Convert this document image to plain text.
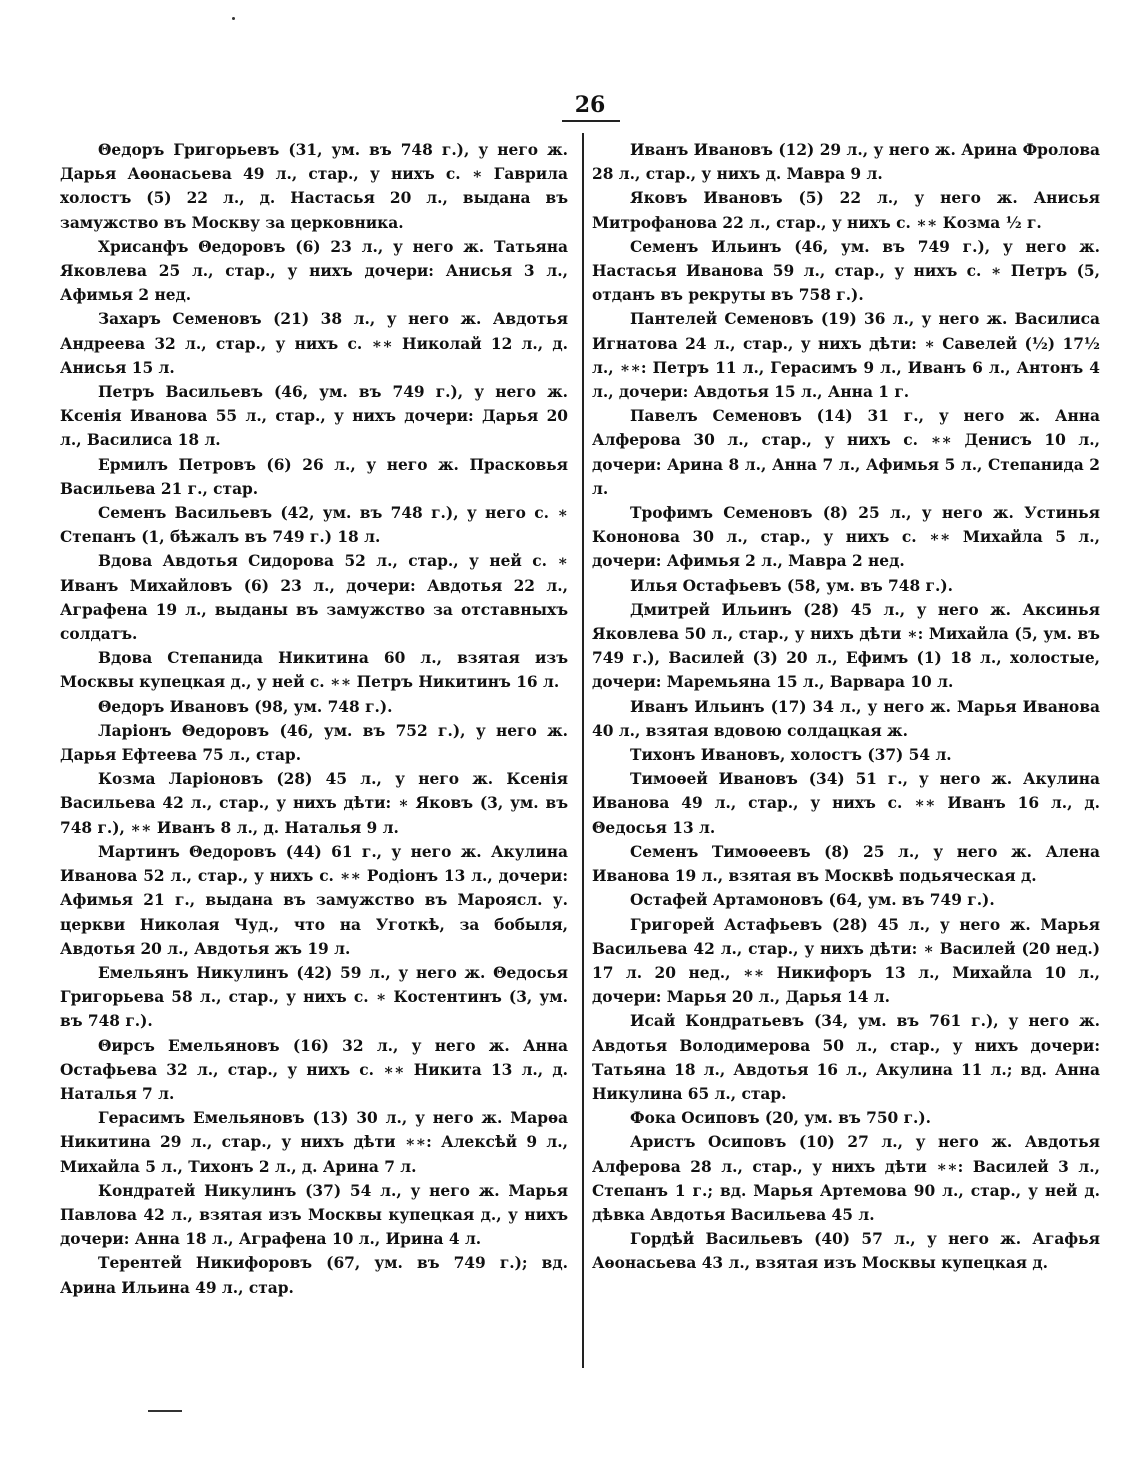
26

Θедоръ Григорьевъ (31, ум. въ 748 г.), у него ж. Дарья Аѳонасьева 49 л., стар., у нихъ с. ∗ Гаврила холостъ (5) 22 л., д. Настасья 20 л., выдана въ замужство въ Москву за церковника.

Хрисанфъ Θедоровъ (6) 23 л., у него ж. Татьяна Яковлева 25 л., стар., у нихъ дочери: Анисья 3 л., Афимья 2 нед.

Захаръ Семеновъ (21) 38 л., у него ж. Авдотья Андреева 32 л., стар., у нихъ с. ∗∗ Николай 12 л., д. Анисья 15 л.

Петръ Васильевъ (46, ум. въ 749 г.), у него ж. Ксенія Иванова 55 л., стар., у нихъ дочери: Дарья 20 л., Василиса 18 л.

Ермилъ Петровъ (6) 26 л., у него ж. Прасковья Васильева 21 г., стар.

Семенъ Васильевъ (42, ум. въ 748 г.), у него с. ∗ Степанъ (1, бѣжалъ въ 749 г.) 18 л.

Вдова Авдотья Сидорова 52 л., стар., у ней с. ∗ Иванъ Михайловъ (6) 23 л., дочери: Авдотья 22 л., Аграфена 19 л., выданы въ замужство за отставныхъ солдатъ.

Вдова Степанида Никитина 60 л., взятая изъ Москвы купецкая д., у ней с. ∗∗ Петръ Никитинъ 16 л.

Θедоръ Ивановъ (98, ум. 748 г.).

Ларіонъ Θедоровъ (46, ум. въ 752 г.), у него ж. Дарья Ефтеева 75 л., стар.

Козма Ларіоновъ (28) 45 л., у него ж. Ксенія Васильева 42 л., стар., у нихъ дѣти: ∗ Яковъ (3, ум. въ 748 г.), ∗∗ Иванъ 8 л., д. Наталья 9 л.

Мартинъ Θедоровъ (44) 61 г., у него ж. Акулина Иванова 52 л., стар., у нихъ с. ∗∗ Родіонъ 13 л., дочери: Афимья 21 г., выдана въ замужство въ Мароясл. у. церкви Николая Чуд., что на Уготкѣ, за бобыля, Авдотья 20 л., Авдотья жъ 19 л.

Емельянъ Никулинъ (42) 59 л., у него ж. Θедосья Григорьева 58 л., стар., у нихъ с. ∗ Костентинъ (3, ум. въ 748 г.).

Θирсъ Емельяновъ (16) 32 л., у него ж. Анна Остафьева 32 л., стар., у нихъ с. ∗∗ Никита 13 л., д. Наталья 7 л.

Герасимъ Емельяновъ (13) 30 л., у него ж. Марѳа Никитина 29 л., стар., у нихъ дѣти ∗∗: Алексѣй 9 л., Михайла 5 л., Тихонъ 2 л., д. Арина 7 л.

Кондратей Никулинъ (37) 54 л., у него ж. Марья Павлова 42 л., взятая изъ Москвы купецкая д., у нихъ дочери: Анна 18 л., Аграфена 10 л., Ирина 4 л.

Терентей Никифоровъ (67, ум. въ 749 г.); вд. Арина Ильина 49 л., стар.

Иванъ Ивановъ (12) 29 л., у него ж. Арина Фролова 28 л., стар., у нихъ д. Мавра 9 л.

Яковъ Ивановъ (5) 22 л., у него ж. Анисья Митрофанова 22 л., стар., у нихъ с. ∗∗ Козма ½ г.

Семенъ Ильинъ (46, ум. въ 749 г.), у него ж. Настасья Иванова 59 л., стар., у нихъ с. ∗ Петръ (5, отданъ въ рекруты въ 758 г.).

Пантелей Семеновъ (19) 36 л., у него ж. Василиса Игнатова 24 л., стар., у нихъ дѣти: ∗ Савелей (½) 17½ л., ∗∗: Петръ 11 л., Герасимъ 9 л., Иванъ 6 л., Антонъ 4 л., дочери: Авдотья 15 л., Анна 1 г.

Павелъ Семеновъ (14) 31 г., у него ж. Анна Алферова 30 л., стар., у нихъ с. ∗∗ Денисъ 10 л., дочери: Арина 8 л., Анна 7 л., Афимья 5 л., Степанида 2 л.

Трофимъ Семеновъ (8) 25 л., у него ж. Устинья Кононова 30 л., стар., у нихъ с. ∗∗ Михайла 5 л., дочери: Афимья 2 л., Мавра 2 нед.

Илья Остафьевъ (58, ум. въ 748 г.).

Дмитрей Ильинъ (28) 45 л., у него ж. Аксинья Яковлева 50 л., стар., у нихъ дѣти ∗: Михайла (5, ум. въ 749 г.), Василей (3) 20 л., Ефимъ (1) 18 л., холостые, дочери: Маремьяна 15 л., Варвара 10 л.

Иванъ Ильинъ (17) 34 л., у него ж. Марья Иванова 40 л., взятая вдовою солдацкая ж.

Тихонъ Ивановъ, холостъ (37) 54 л.

Тимоѳей Ивановъ (34) 51 г., у него ж. Акулина Иванова 49 л., стар., у нихъ с. ∗∗ Иванъ 16 л., д. Θедосья 13 л.

Семенъ Тимоѳеевъ (8) 25 л., у него ж. Алена Иванова 19 л., взятая въ Москвѣ подьяческая д.

Остафей Артамоновъ (64, ум. въ 749 г.).

Григорей Астафьевъ (28) 45 л., у него ж. Марья Васильева 42 л., стар., у нихъ дѣти: ∗ Василей (20 нед.) 17 л. 20 нед., ∗∗ Никифоръ 13 л., Михайла 10 л., дочери: Марья 20 л., Дарья 14 л.

Исай Кондратьевъ (34, ум. въ 761 г.), у него ж. Авдотья Володимерова 50 л., стар., у нихъ дочери: Татьяна 18 л., Авдотья 16 л., Акулина 11 л.; вд. Анна Никулина 65 л., стар.

Фока Осиповъ (20, ум. въ 750 г.).

Аристъ Осиповъ (10) 27 л., у него ж. Авдотья Алферова 28 л., стар., у нихъ дѣти ∗∗: Василей 3 л., Степанъ 1 г.; вд. Марья Артемова 90 л., стар., у ней д. дѣвка Авдотья Васильева 45 л.

Гордѣй Васильевъ (40) 57 л., у него ж. Агафья Аѳонасьева 43 л., взятая изъ Москвы купецкая д.
